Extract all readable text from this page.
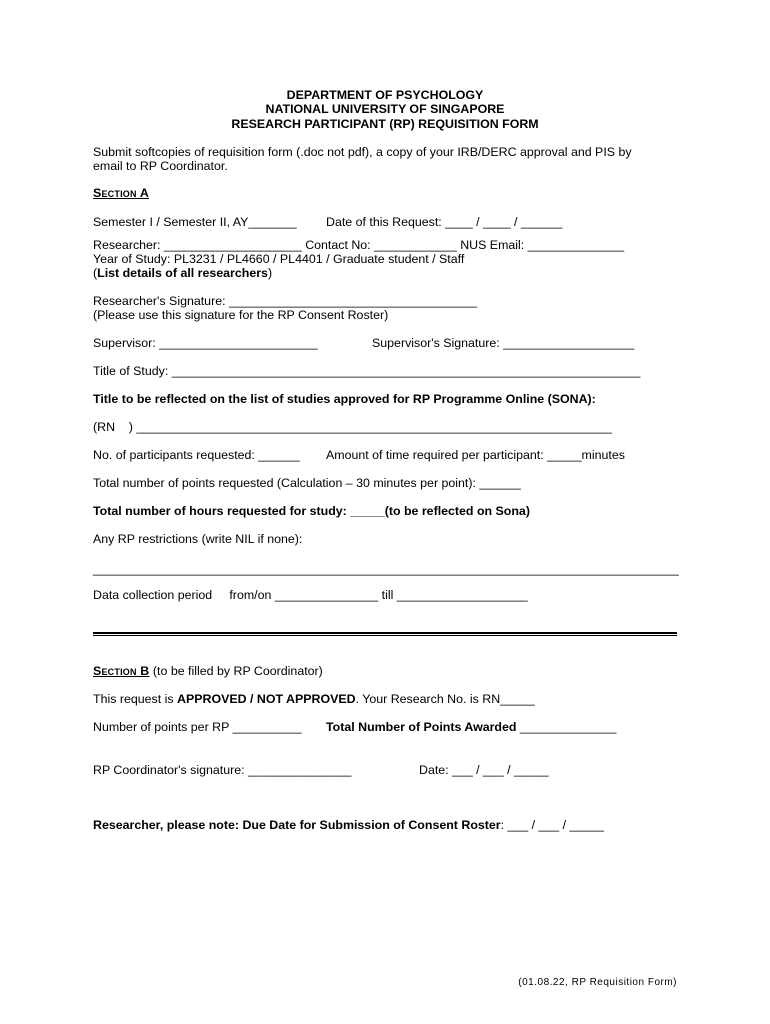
DEPARTMENT OF PSYCHOLOGY
NATIONAL UNIVERSITY OF SINGAPORE
RESEARCH PARTICIPANT (RP) REQUISITION FORM
Submit softcopies of requisition form (.doc not pdf), a copy of your IRB/DERC approval and PIS by
email to RP Coordinator.
Section A
Semester I / Semester II, AY_______ Date of this Request: ____ / ____ / ______
Researcher: ____________________ Contact No: ____________ NUS Email: ______________
Year of Study: PL3231 / PL4660 / PL4401 / Graduate student / Staff
(List details of all researchers)
Researcher's Signature: ____________________________________
(Please use this signature for the RP Consent Roster)
Supervisor: _______________________	Supervisor's Signature: ___________________
Title of Study: ____________________________________________________________________
Title to be reflected on the list of studies approved for RP Programme Online (SONA):
(RN    ) _____________________________________________________________________
No. of participants requested: ______ Amount of time required per participant: _____minutes
Total number of points requested (Calculation – 30 minutes per point): ______
Total number of hours requested for study: _____(to be reflected on Sona)
Any RP restrictions (write NIL if none):
_____________________________________________________________________________________
Data collection period     from/on _______________ till ___________________
Section B (to be filled by RP Coordinator)
This request is APPROVED / NOT APPROVED. Your Research No. is RN_____
Number of points per RP __________ Total Number of Points Awarded ______________
RP Coordinator's signature: _______________	Date: ___ / ___ / _____
Researcher, please note: Due Date for Submission of Consent Roster: ___ / ___ / _____
(01.08.22, RP Requisition Form)
